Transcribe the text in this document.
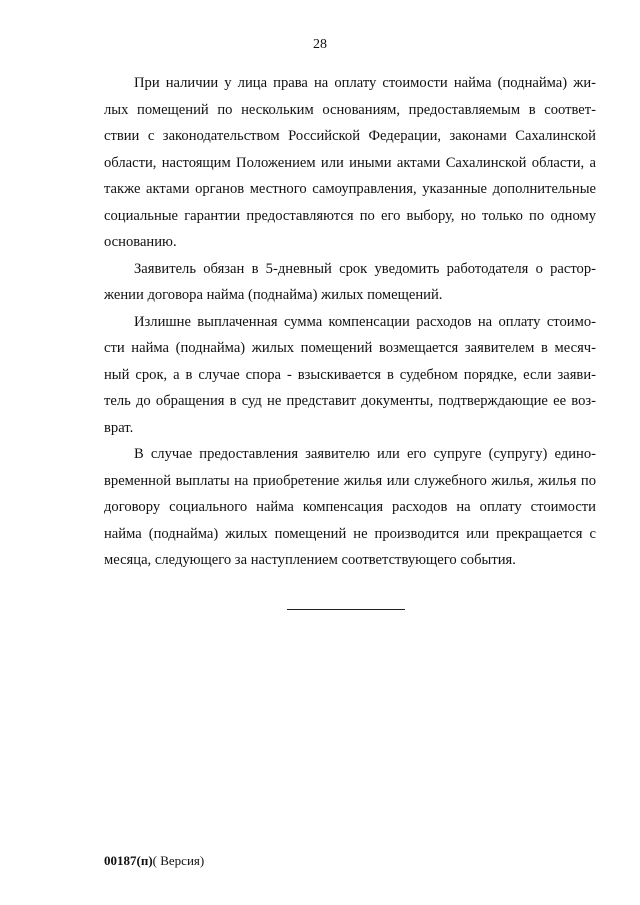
28
При наличии у лица права на оплату стоимости найма (поднайма) жи-
лых помещений по нескольким основаниям, предоставляемым в соответ-
ствии с законодательством Российской Федерации, законами Сахалинской
области, настоящим Положением или иными актами Сахалинской области, а
также актами органов местного самоуправления, указанные дополнительные
социальные гарантии предоставляются по его выбору, но только по одному
основанию.
Заявитель обязан в 5-дневный срок уведомить работодателя о растор-
жении договора найма (поднайма) жилых помещений.
Излишне выплаченная сумма компенсации расходов на оплату стоимо-
сти найма (поднайма) жилых помещений возмещается заявителем в месяч-
ный срок, а в случае спора - взыскивается в судебном порядке, если заяви-
тель до обращения в суд не представит документы, подтверждающие ее воз-
врат.
В случае предоставления заявителю или его супруге (супругу) едино-
временной выплаты на приобретение жилья или служебного жилья, жилья по
договору социального найма компенсация расходов на оплату стоимости
найма (поднайма) жилых помещений не производится или прекращается с
месяца, следующего за наступлением соответствующего события.
00187(п)( Версия)
